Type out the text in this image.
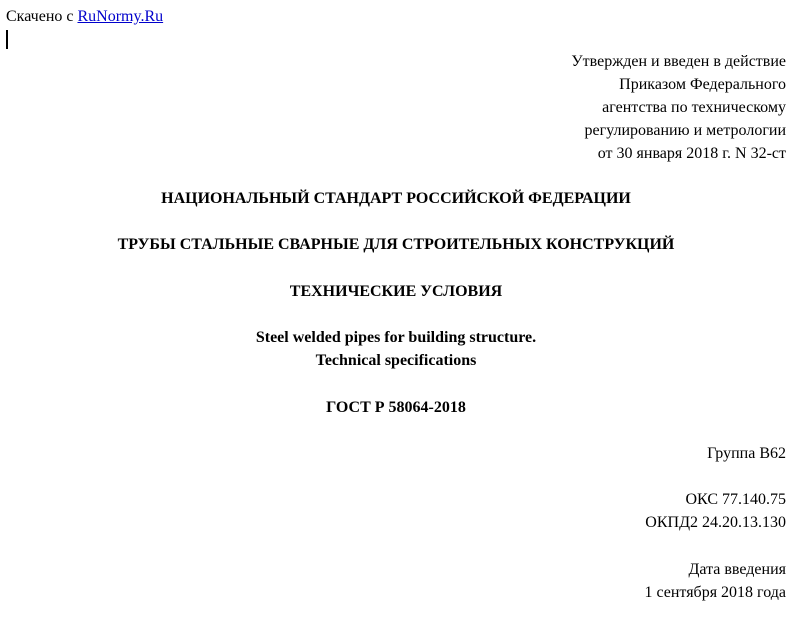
Скачено с RuNormy.Ru
Утвержден и введен в действие
Приказом Федерального
агентства по техническому
регулированию и метрологии
от 30 января 2018 г. N 32-ст
НАЦИОНАЛЬНЫЙ СТАНДАРТ РОССИЙСКОЙ ФЕДЕРАЦИИ
ТРУБЫ СТАЛЬНЫЕ СВАРНЫЕ ДЛЯ СТРОИТЕЛЬНЫХ КОНСТРУКЦИЙ
ТЕХНИЧЕСКИЕ УСЛОВИЯ
Steel welded pipes for building structure.
Technical specifications
ГОСТ Р 58064-2018
Группа В62
ОКС 77.140.75
ОКПД2 24.20.13.130
Дата введения
1 сентября 2018 года
